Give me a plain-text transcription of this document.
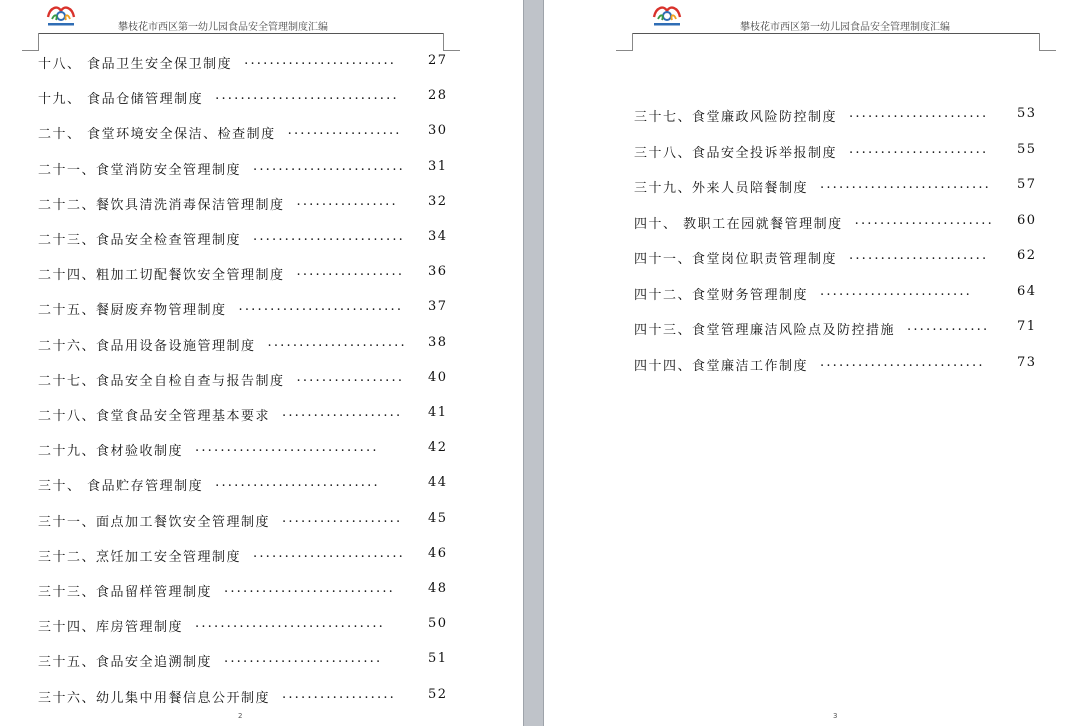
攀枝花市西区第一幼儿园食品安全管理制度汇编
十八、 食品卫生安全保卫制度 ........................ 27
十九、 食品仓储管理制度 ............................. 28
二十、 食堂环境安全保洁、检查制度 .................. 30
二十一、食堂消防安全管理制度 ........................ 31
二十二、餐饮具清洗消毒保洁管理制度 ................ 32
二十三、食品安全检查管理制度 ........................ 34
二十四、粗加工切配餐饮安全管理制度 ................. 36
二十五、餐厨废弃物管理制度 .......................... 37
二十六、食品用设备设施管理制度 ...................... 38
二十七、食品安全自检自查与报告制度 ................. 40
二十八、食堂食品安全管理基本要求 ................... 41
二十九、食材验收制度 .............................	42
三十、 食品贮存管理制度 ..........................	44
三十一、面点加工餐饮安全管理制度 ................... 45
三十二、烹饪加工安全管理制度 ........................ 46
三十三、食品留样管理制度 ...........................	48
三十四、库房管理制度 ..............................	50
三十五、食品安全追溯制度 .........................	51
三十六、幼儿集中用餐信息公开制度 .................. 52
2
攀枝花市西区第一幼儿园食品安全管理制度汇编
三十七、食堂廉政风险防控制度 ...................... 53
三十八、食品安全投诉举报制度 ...................... 55
三十九、外来人员陪餐制度 ........................... 57
四十、 教职工在园就餐管理制度 ...................... 60
四十一、食堂岗位职责管理制度 ...................... 62
四十二、食堂财务管理制度 ........................	64
四十三、食堂管理廉洁风险点及防控措施 ............. 71
四十四、食堂廉洁工作制度 .......................... 73
3
